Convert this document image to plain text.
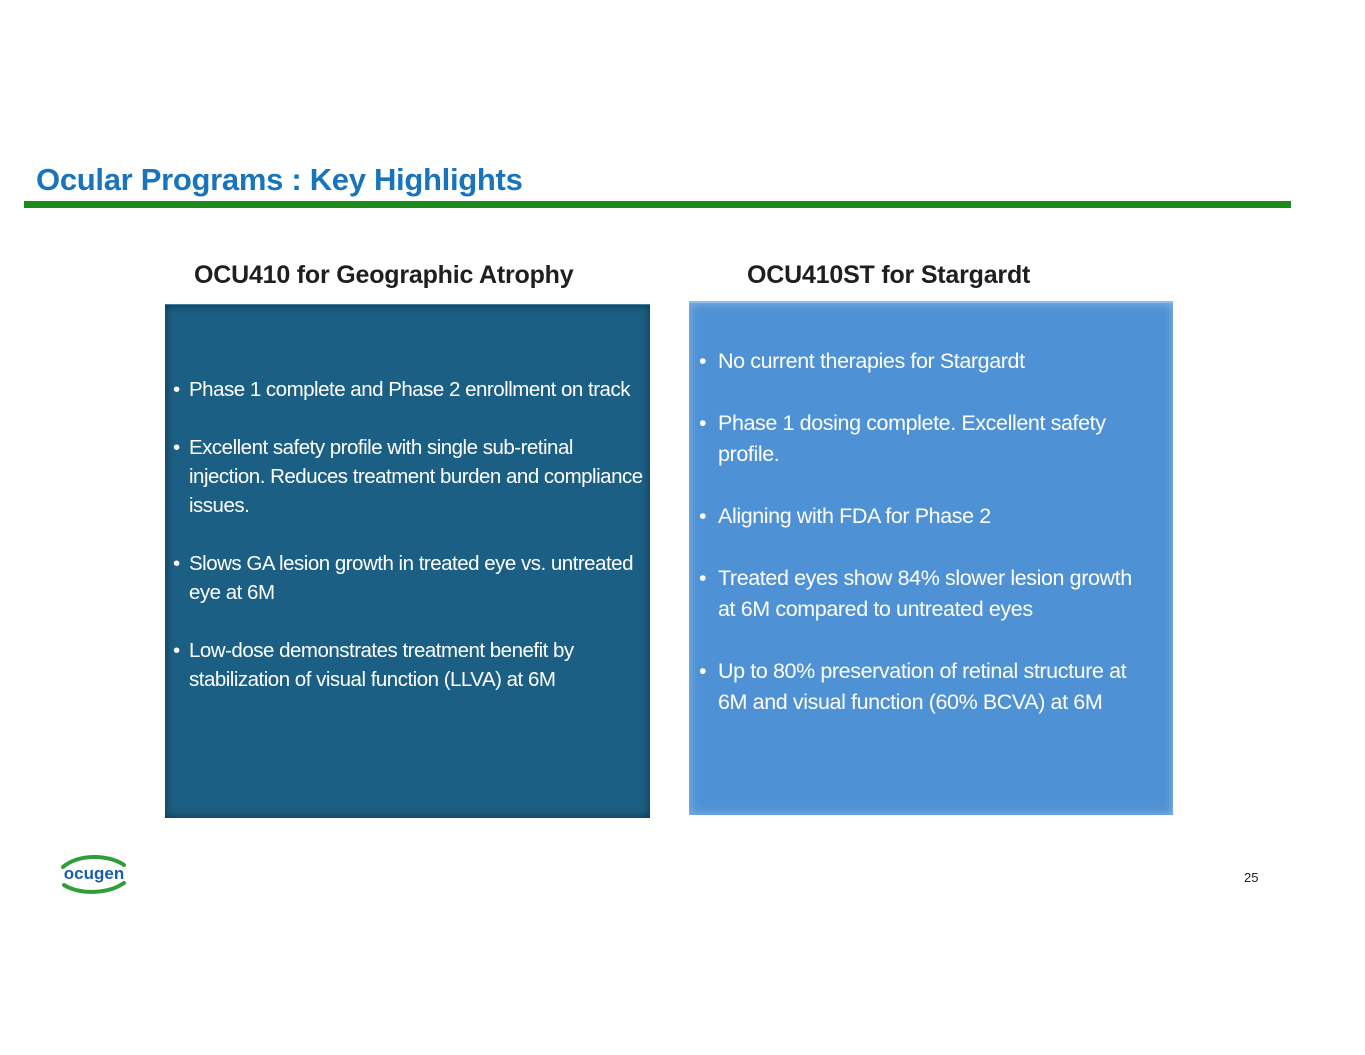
Ocular Programs : Key Highlights
OCU410 for Geographic Atrophy	OCU410ST for Stargardt
• Phase 1 complete and Phase 2 enrollment on track
• Excellent safety profile with single sub-retinal injection. Reduces treatment burden and compliance issues.
• Slows GA lesion growth in treated eye vs. untreated eye at 6M
• Low-dose demonstrates treatment benefit by stabilization of visual function (LLVA) at 6M
• No current therapies for Stargardt
• Phase 1 dosing complete. Excellent safety profile.
• Aligning with FDA for Phase 2
• Treated eyes show 84% slower lesion growth at 6M compared to untreated eyes
• Up to 80% preservation of retinal structure at 6M and visual function (60% BCVA) at 6M
ocugen	25
